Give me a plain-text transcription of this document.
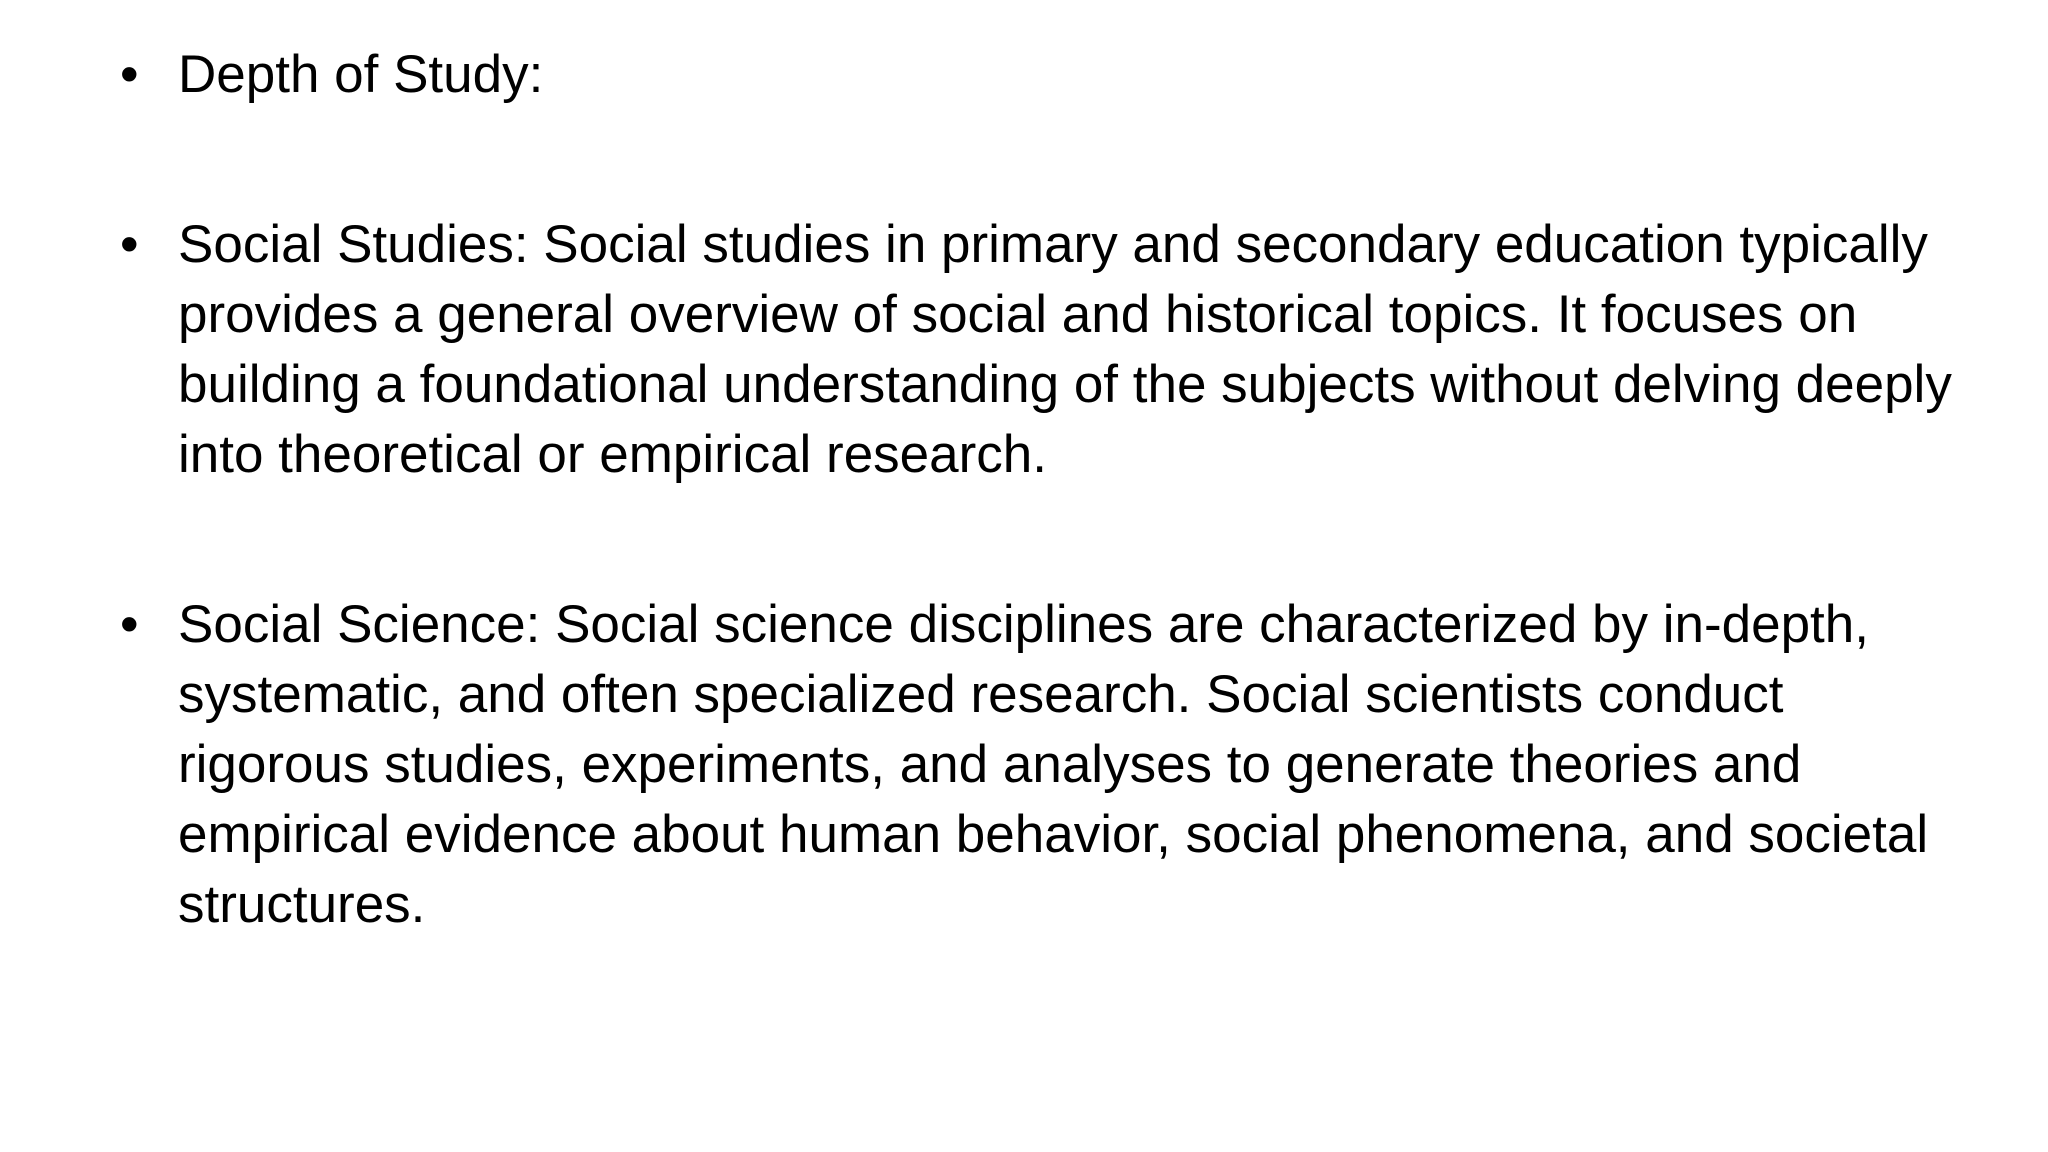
• Depth of Study:
• Social Studies: Social studies in primary and secondary education typically provides a general overview of social and historical topics. It focuses on building a foundational understanding of the subjects without delving deeply into theoretical or empirical research.
• Social Science: Social science disciplines are characterized by in-depth, systematic, and often specialized research. Social scientists conduct rigorous studies, experiments, and analyses to generate theories and empirical evidence about human behavior, social phenomena, and societal structures.
